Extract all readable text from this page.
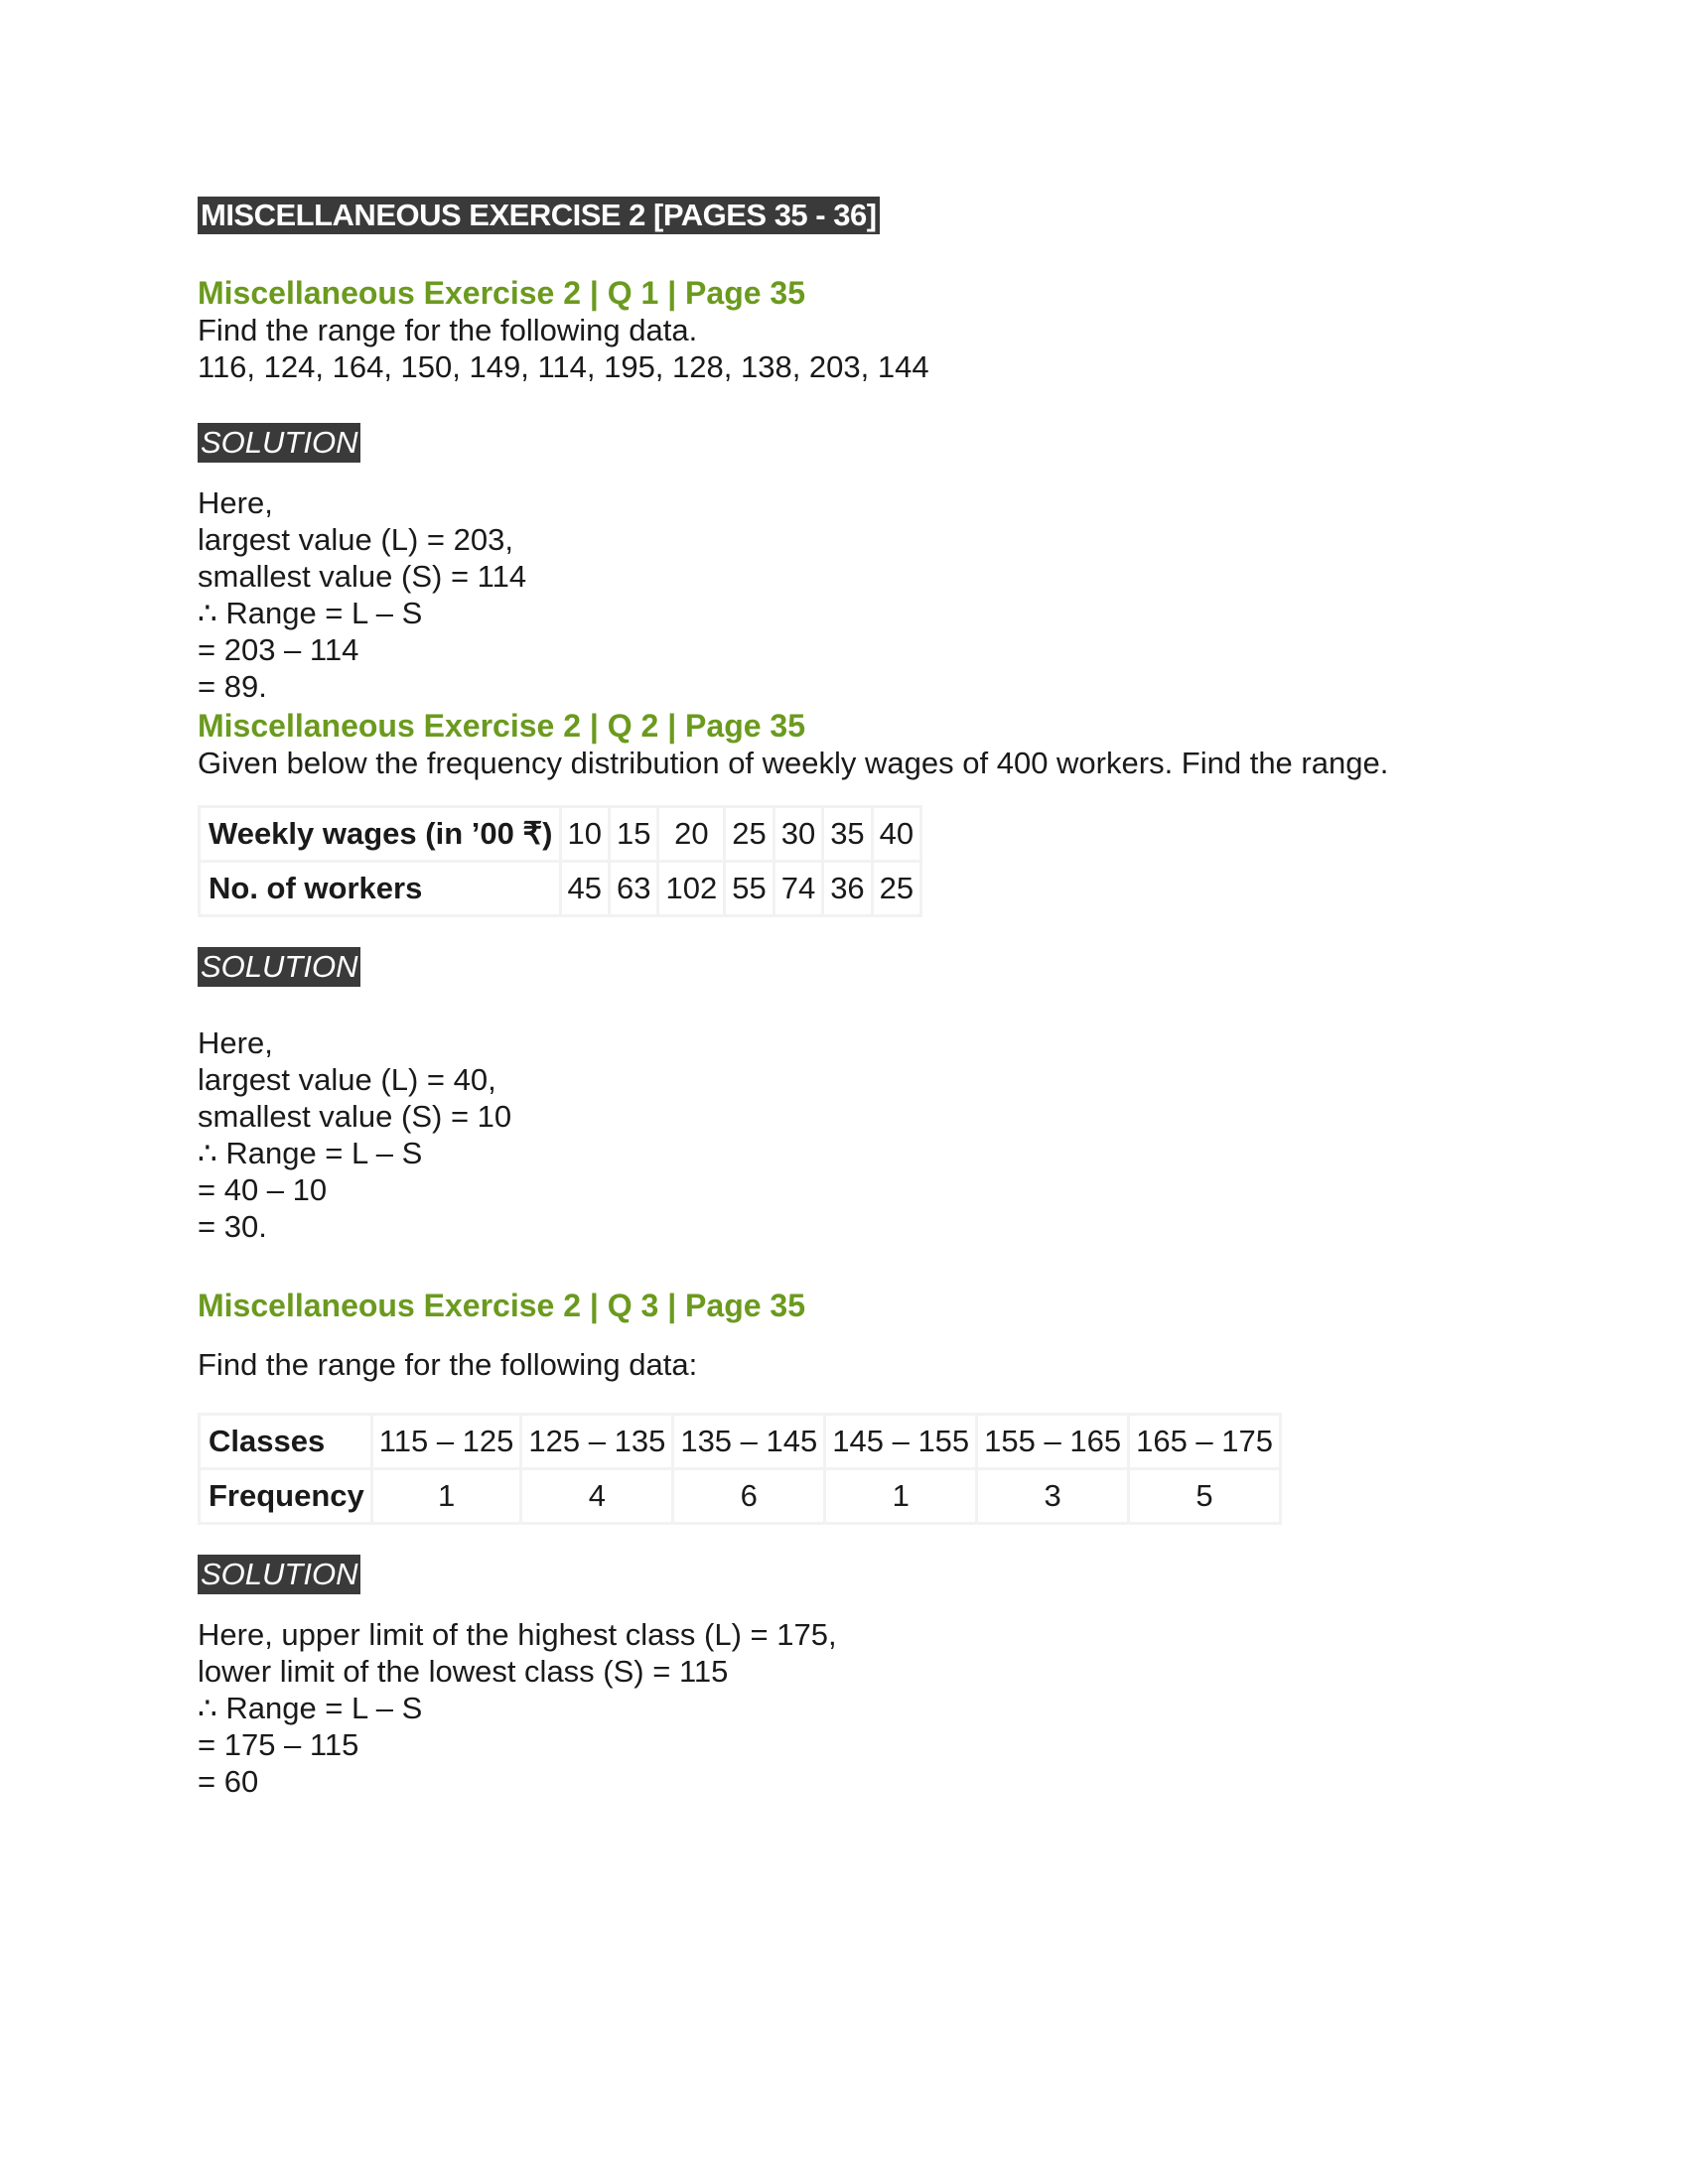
MISCELLANEOUS EXERCISE 2 [PAGES 35 - 36]
Miscellaneous Exercise 2 | Q 1 | Page 35
Find the range for the following data.
116, 124, 164, 150, 149, 114, 195, 128, 138, 203, 144
SOLUTION
Here,
largest value (L) = 203,
smallest value (S) = 114
∴ Range = L – S
= 203 – 114
= 89.
Miscellaneous Exercise 2 | Q 2 | Page 35
Given below the frequency distribution of weekly wages of 400 workers. Find the range.
Weekly wages (in ’00 ₹)	10	15	20	25	30	35	40
No. of workers	45	63	102	55	74	36	25
SOLUTION
Here,
largest value (L) = 40,
smallest value (S) = 10
∴ Range = L – S
= 40 – 10
= 30.
Miscellaneous Exercise 2 | Q 3 | Page 35
Find the range for the following data:
Classes	115 – 125	125 – 135	135 – 145	145 – 155	155 – 165	165 – 175
Frequency	1	4	6	1	3	5
SOLUTION
Here, upper limit of the highest class (L) = 175,
lower limit of the lowest class (S) = 115
∴ Range = L – S
= 175 – 115
= 60
